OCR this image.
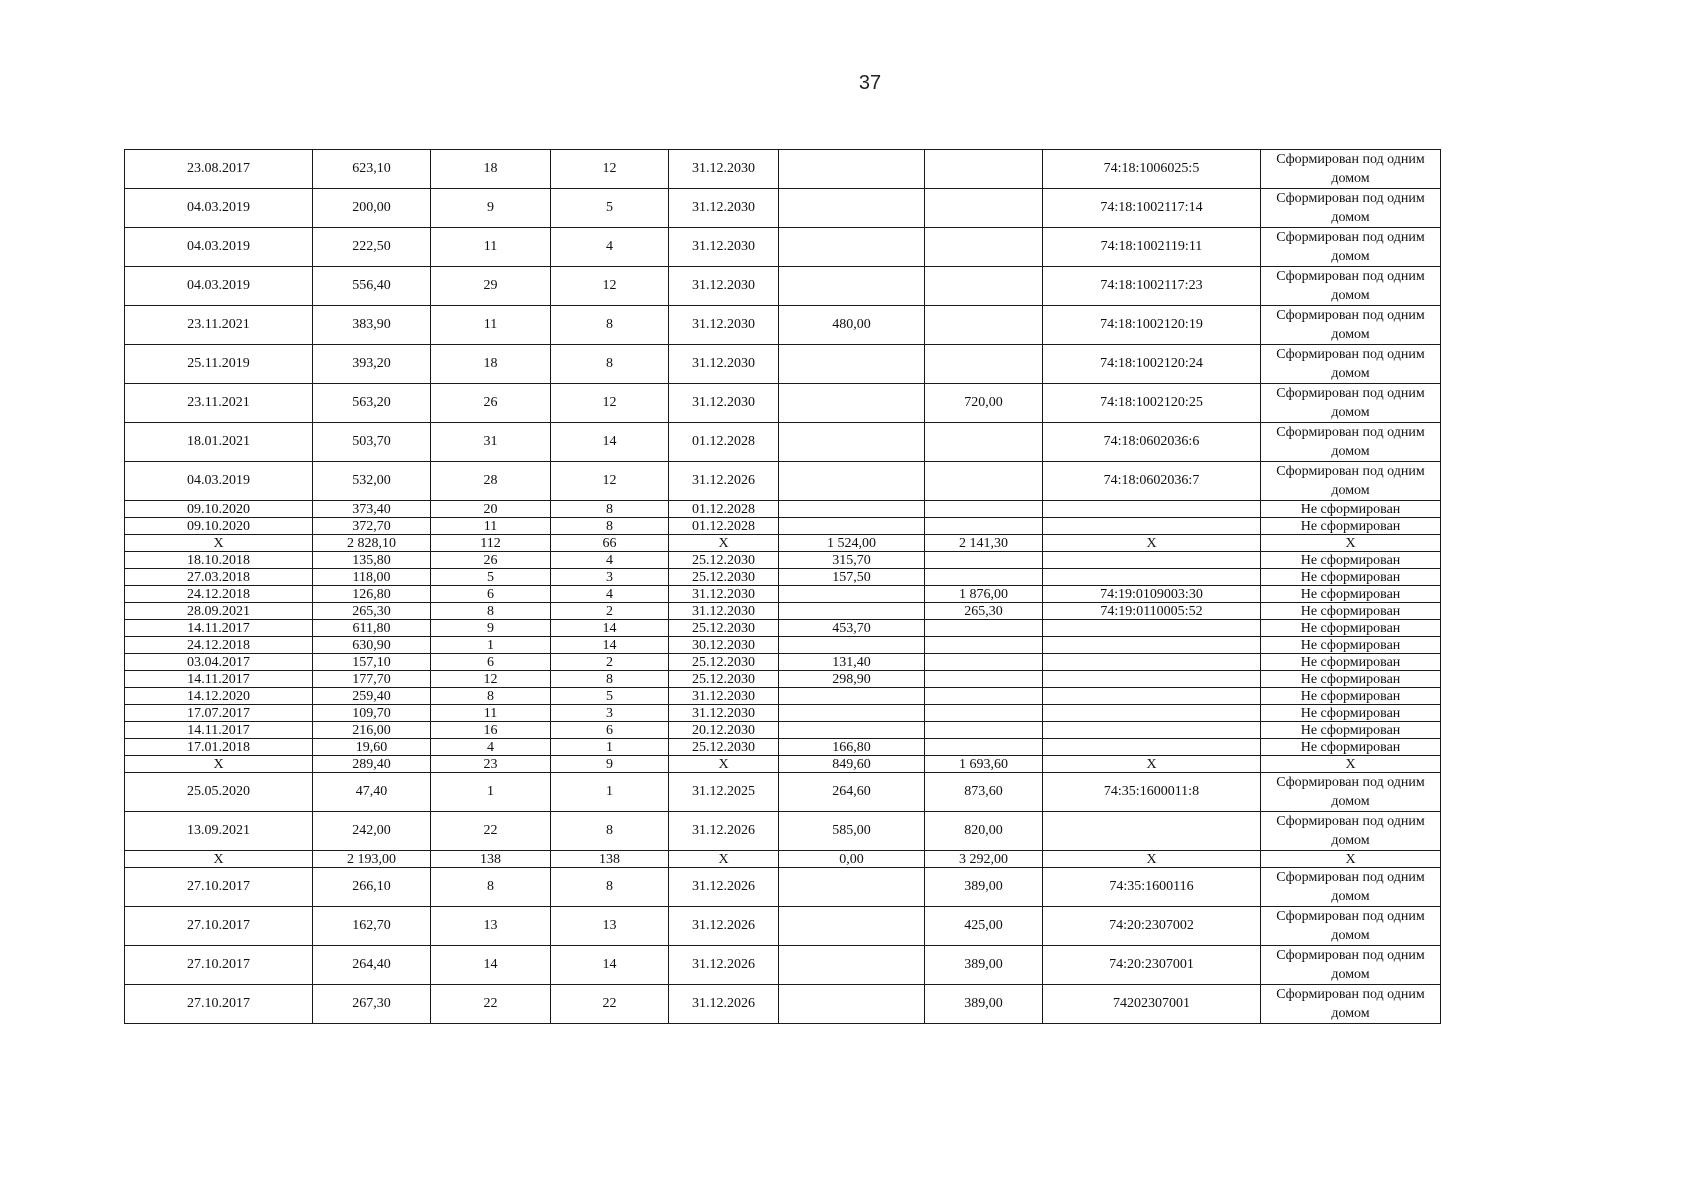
37
23.08.2017	623,10	18	12	31.12.2030			74:18:1006025:5	Сформирован под одним домом
04.03.2019	200,00	9	5	31.12.2030			74:18:1002117:14	Сформирован под одним домом
04.03.2019	222,50	11	4	31.12.2030			74:18:1002119:11	Сформирован под одним домом
04.03.2019	556,40	29	12	31.12.2030			74:18:1002117:23	Сформирован под одним домом
23.11.2021	383,90	11	8	31.12.2030	480,00		74:18:1002120:19	Сформирован под одним домом
25.11.2019	393,20	18	8	31.12.2030			74:18:1002120:24	Сформирован под одним домом
23.11.2021	563,20	26	12	31.12.2030		720,00	74:18:1002120:25	Сформирован под одним домом
18.01.2021	503,70	31	14	01.12.2028			74:18:0602036:6	Сформирован под одним домом
04.03.2019	532,00	28	12	31.12.2026			74:18:0602036:7	Сформирован под одним домом
09.10.2020	373,40	20	8	01.12.2028				Не сформирован
09.10.2020	372,70	11	8	01.12.2028				Не сформирован
X	2 828,10	112	66	X	1 524,00	2 141,30	X	X
18.10.2018	135,80	26	4	25.12.2030	315,70			Не сформирован
27.03.2018	118,00	5	3	25.12.2030	157,50			Не сформирован
24.12.2018	126,80	6	4	31.12.2030		1 876,00	74:19:0109003:30	Не сформирован
28.09.2021	265,30	8	2	31.12.2030		265,30	74:19:0110005:52	Не сформирован
14.11.2017	611,80	9	14	25.12.2030	453,70			Не сформирован
24.12.2018	630,90	1	14	30.12.2030				Не сформирован
03.04.2017	157,10	6	2	25.12.2030	131,40			Не сформирован
14.11.2017	177,70	12	8	25.12.2030	298,90			Не сформирован
14.12.2020	259,40	8	5	31.12.2030				Не сформирован
17.07.2017	109,70	11	3	31.12.2030				Не сформирован
14.11.2017	216,00	16	6	20.12.2030				Не сформирован
17.01.2018	19,60	4	1	25.12.2030	166,80			Не сформирован
X	289,40	23	9	X	849,60	1 693,60	X	X
25.05.2020	47,40	1	1	31.12.2025	264,60	873,60	74:35:1600011:8	Сформирован под одним домом
13.09.2021	242,00	22	8	31.12.2026	585,00	820,00		Сформирован под одним домом
X	2 193,00	138	138	X	0,00	3 292,00	X	X
27.10.2017	266,10	8	8	31.12.2026		389,00	74:35:1600116	Сформирован под одним домом
27.10.2017	162,70	13	13	31.12.2026		425,00	74:20:2307002	Сформирован под одним домом
27.10.2017	264,40	14	14	31.12.2026		389,00	74:20:2307001	Сформирован под одним домом
27.10.2017	267,30	22	22	31.12.2026		389,00	74202307001	Сформирован под одним домом
